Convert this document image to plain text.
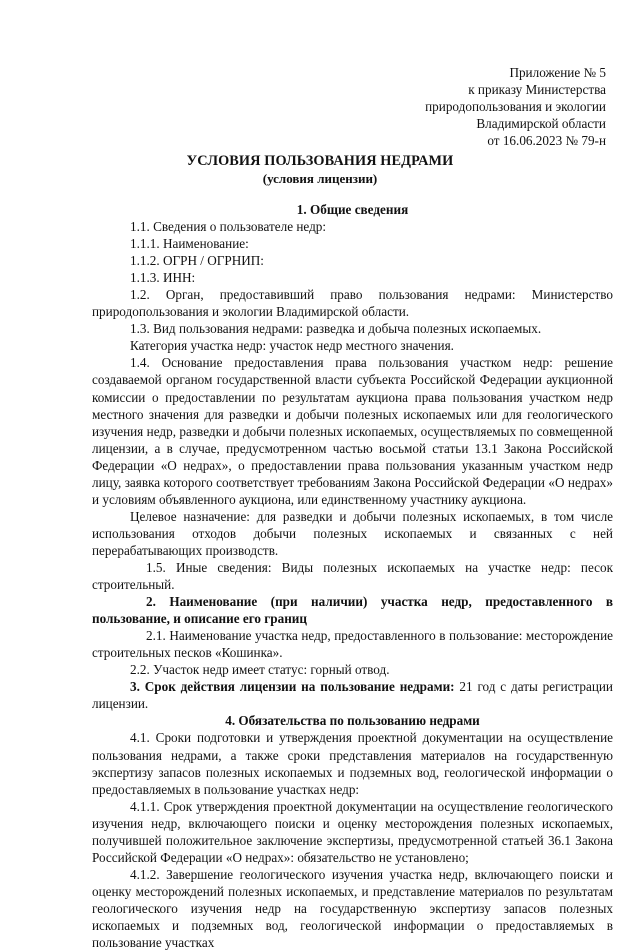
Приложение № 5
к приказу Министерства
природопользования и экологии
Владимирской области
от 16.06.2023 № 79-н
УСЛОВИЯ ПОЛЬЗОВАНИЯ НЕДРАМИ
(условия лицензии)

1. Общие сведения

1.1. Сведения о пользователе недр:

1.1.1. Наименование:

1.1.2. ОГРН / ОГРНИП:

1.1.3. ИНН:

1.2. Орган, предоставивший право пользования недрами: Министерство природопользования и экологии Владимирской области.

1.3. Вид пользования недрами: разведка и добыча полезных ископаемых.

Категория участка недр: участок недр местного значения.

1.4. Основание предоставления права пользования участком недр: решение создаваемой органом государственной власти субъекта Российской Федерации аукционной комиссии о предоставлении по результатам аукциона права пользования участком недр местного значения для разведки и добычи полезных ископаемых или для геологического изучения недр, разведки и добычи полезных ископаемых, осуществляемых по совмещенной лицензии, а в случае, предусмотренном частью восьмой статьи 13.1 Закона Российской Федерации «О недрах», о предоставлении права пользования указанным участком недр лицу, заявка которого соответствует требованиям Закона Российской Федерации «О недрах» и условиям объявленного аукциона, или единственному участнику аукциона.

Целевое назначение: для разведки и добычи полезных ископаемых, в том числе использования отходов добычи полезных ископаемых и связанных с ней перерабатывающих производств.

1.5. Иные сведения: Виды полезных ископаемых на участке недр: песок строительный.

2. Наименование (при наличии) участка недр, предоставленного в пользование, и описание его границ

2.1. Наименование участка недр, предоставленного в пользование: месторождение строительных песков «Кошинка».

2.2. Участок недр имеет статус: горный отвод.

3. Срок действия лицензии на пользование недрами: 21 год с даты регистрации лицензии.

4. Обязательства по пользованию недрами

4.1. Сроки подготовки и утверждения проектной документации на осуществление пользования недрами, а также сроки представления материалов на государственную экспертизу запасов полезных ископаемых и подземных вод, геологической информации о предоставляемых в пользование участках недр:

4.1.1. Срок утверждения проектной документации на осуществление геологического изучения недр, включающего поиски и оценку месторождения полезных ископаемых, получившей положительное заключение экспертизы, предусмотренной статьей 36.1 Закона Российской Федерации «О недрах»: обязательство не установлено;

4.1.2. Завершение геологического изучения участка недр, включающего поиски и оценку месторождений полезных ископаемых, и представление материалов по результатам геологического изучения недр на государственную экспертизу запасов полезных ископаемых и подземных вод, геологической информации о предоставляемых в пользование участках
